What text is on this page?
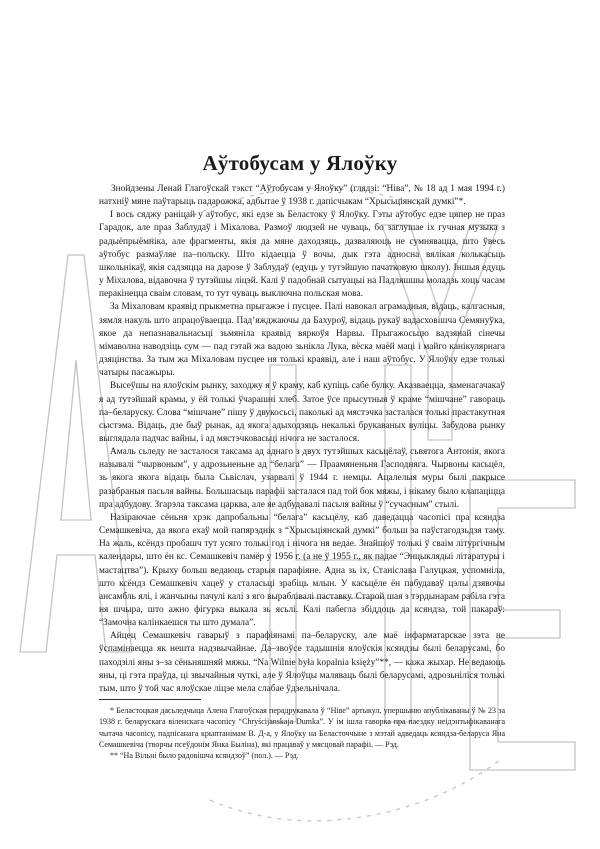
Аўтобусам у Ялоўку

Знойдзены Ленай Глагоўскай тэкст “Аўтобусам у Ялоўку” (глядзі: “Ніва”, № 18 ад 1 мая 1994 г.) натхніў мяне паўтарыць падарожжа, адбытае ў 1938 г. дапісчыкам “Хрысьціянскай думкі”*.

І вось сяджу раніцай у аўтобус, які едзе зь Беластоку ў Ялоўку. Гэты аўтобус едзе цяпер не праз Гарадок, але праз Заблудаў і Міхалова. Размоў людзей не чуваць, бо заглушае іх гучная музыка з радыёпрыёмніка, але фрагменты, якія да мяне даходзяць, дазваляюць не сумнявацца, што ўвесь аўтобус размаўляе па–польску. Што кідаецца ў вочы, дык гэта адносна вялікая колькасьць школьнікаў, якія садзяцца на дарозе ў Заблудаў (едуць у тутэйшую пачатковую школу). Іншыя едуць у Міхалова, відавочна ў тутэйшы ліцэй. Калі ў падобнай сытуацыі на Падляшшы моладзь хоць часам перакінецца сваім словам, то тут чуваць выключна польская мова.

За Міхаловам краявід прыкметна прыгажэе і пусцее. Палі навокал аграмадныя, відаць, калгасныя, зямля накуль што апрацоўваецца. Пад’яжджаючы да Бахуроў, відаць рукаў вадасховішча Семянуўка, якое да непазнавальнасьці зьмяніла краявід вяркоўя Нарвы. Прыгажосьцю вадзянай сінечы мімаволна наводзіць сум — пад гэтай жа вадою зьнікла Лука, вёска маёй маці і майго канікулярнага дзяцінства. За тым жа Міхаловам пусцее ня толькі краявід, але і наш аўтобус. У Ялоўку едзе толькі чатыры пасажыры.

Высеўшы на ялоўскім рынку, заходжу я ў краму, каб купіць сабе булку. Аказваецца, заменагачакаў я ад тутэйшай крамы, у ёй толькі ўчарашні хлеб. Затое ўсе прысутныя ў краме “мішчане” гавораць па–беларуску. Слова “мішчане” пішу ў двукосьсі, паколькі ад мястэчка засталася толькі прастакутная сыстэма. Відаць, дзе быў рынак, ад якога адыходзяць некалькі брукаваных вуліцы. Забудова рынку выглядала падчас вайны, і ад мястэчковасьці нічога не засталося.

Амаль сьледу не засталося таксама ад аднаго з двух тутэйшых касьцёлаў, сьвятога Антонія, якога называлі “чырвоным”, у адрозьненьне ад “белага” — Праамяненьня Гасподняга. Чырвоны касьцёл, зь якога якога відаць была Сьвіслач, узарвалі ў 1944 г. немцы. Ацалелыя муры былі пакрысе разабраныя пасьля вайны. Большасьць парафіі засталася пад той бок мяжы, і нікаму было клапаціцца пра адбудову. Згарэла таксама царква, але яе адбудавалі пасьля вайны ў “сучасным” стылі.

Назіраючае сёньня хрэк дапробальны “белага” касьцёлу, каб даведацца часопісі пра ксяндза Семашкевіча, да якога ехаў мой папярэднік з “Хрысьціянскай думкі” больш за паўстагодзьдзя таму. На жаль, ксёндз пробашч тут усяго толькі год і нічога ня ведае. Знайшоў толькі ў сваім літургічным календары, што ён кс. Семашкевіч памёр у 1956 г. (а не ў 1955 г., як падае “Энцыклядыі літаратуры і мастацтва”). Крыху больш ведаюць старыя парафіяне. Адна зь іх, Станіслава Галуцкая, успомніла, што ксёндз Семашкевіч хацеў у сталасьці зрабіць млын. У касьцёле ён пабудаваў цэлы дзявочы ансамбль ялі, і жанчыны пачулі калі з яго выраблівалі паставку. Старой шая з тэрдынарам рабіла гэта ня шчыра, што ажно фігурка выкала зь ясьлі. Калі пабегла збіддоць да ксяндза, той пакараў: “Замочна калінкаешся ты што думала”.

Айцец Семашкевіч гаварыў з парафіянамі па–беларуску, але маё інфарматарскае зэта не ўспамінаецца як нешта надзвычайнае. Да–звоўсе тадышнія ялоўскія ксяндзы былі беларусамі, бо паходзілі яны з–за сёньняшняй мяжы. “Na Wilnie była kopalnia księży”**, — кажа жыхар. Не ведаюць яны, ці гэта праўда, ці звычайныя чуткі, але ў Ялоўцы маляваць былі беларусамі, адрозьніліся толькі тым, што ў той час ялоўскае ліцэе мела слабае ўдзельнічала.

* Беластоцкая дасьледчыца Алена Глагоўская перадрукавала ў “Ніве” артыкул, упершыню апублікаваны ў № 23 за 1938 г. беларускага віленскага часопісу “Chryścijanskaja Dumka”. У ім ішла гаворка пра паездку неідэнтыфікаванага чытача часопісу, падпісанага крыптанімам В. Д-а, у Ялоўку на Беласточчыне з мэтай адведаць ксяндза-беларуса Яна Семашкевіча (творчы псеўдонім Янка Быліна), які працаваў у мясцовай парафіі. — Рэд.

** “На Вільні было радовішча ксяндзоў” (пол.). — Рэд.
